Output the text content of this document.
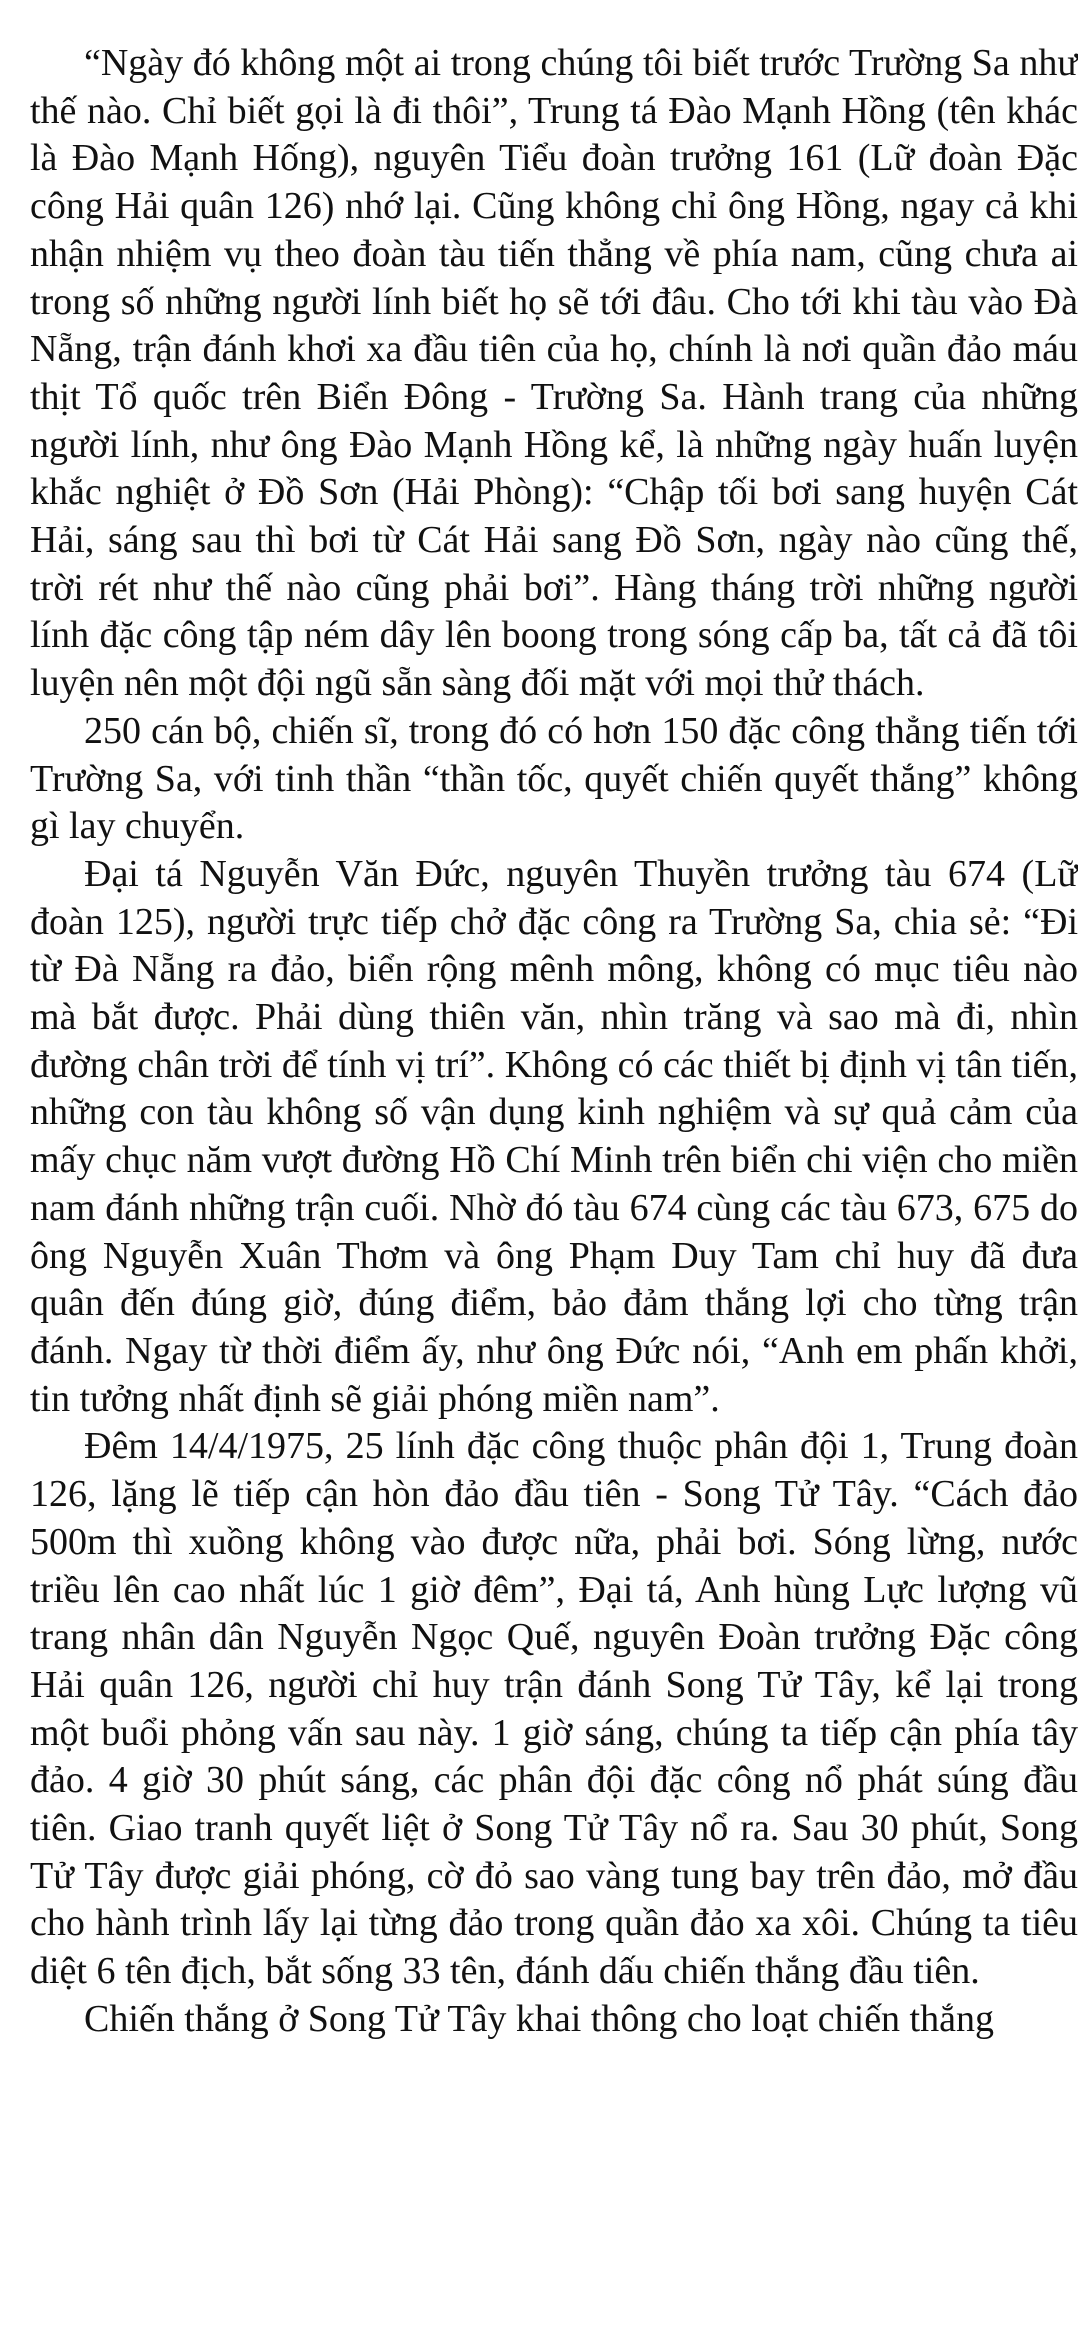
“Ngày đó không một ai trong chúng tôi biết trước Trường Sa như thế nào. Chỉ biết gọi là đi thôi”, Trung tá Đào Mạnh Hồng (tên khác là Đào Mạnh Hống), nguyên Tiểu đoàn trưởng 161 (Lữ đoàn Đặc công Hải quân 126) nhớ lại. Cũng không chỉ ông Hồng, ngay cả khi nhận nhiệm vụ theo đoàn tàu tiến thẳng về phía nam, cũng chưa ai trong số những người lính biết họ sẽ tới đâu. Cho tới khi tàu vào Đà Nẵng, trận đánh khơi xa đầu tiên của họ, chính là nơi quần đảo máu thịt Tổ quốc trên Biển Đông - Trường Sa. Hành trang của những người lính, như ông Đào Mạnh Hồng kể, là những ngày huấn luyện khắc nghiệt ở Đồ Sơn (Hải Phòng): “Chập tối bơi sang huyện Cát Hải, sáng sau thì bơi từ Cát Hải sang Đồ Sơn, ngày nào cũng thế, trời rét như thế nào cũng phải bơi”. Hàng tháng trời những người lính đặc công tập ném dây lên boong trong sóng cấp ba, tất cả đã tôi luyện nên một đội ngũ sẵn sàng đối mặt với mọi thử thách.

250 cán bộ, chiến sĩ, trong đó có hơn 150 đặc công thẳng tiến tới Trường Sa, với tinh thần “thần tốc, quyết chiến quyết thắng” không gì lay chuyển.

Đại tá Nguyễn Văn Đức, nguyên Thuyền trưởng tàu 674 (Lữ đoàn 125), người trực tiếp chở đặc công ra Trường Sa, chia sẻ: “Đi từ Đà Nẵng ra đảo, biển rộng mênh mông, không có mục tiêu nào mà bắt được. Phải dùng thiên văn, nhìn trăng và sao mà đi, nhìn đường chân trời để tính vị trí”. Không có các thiết bị định vị tân tiến, những con tàu không số vận dụng kinh nghiệm và sự quả cảm của mấy chục năm vượt đường Hồ Chí Minh trên biển chi viện cho miền nam đánh những trận cuối. Nhờ đó tàu 674 cùng các tàu 673, 675 do ông Nguyễn Xuân Thơm và ông Phạm Duy Tam chỉ huy đã đưa quân đến đúng giờ, đúng điểm, bảo đảm thắng lợi cho từng trận đánh. Ngay từ thời điểm ấy, như ông Đức nói, “Anh em phấn khởi, tin tưởng nhất định sẽ giải phóng miền nam”.

Đêm 14/4/1975, 25 lính đặc công thuộc phân đội 1, Trung đoàn 126, lặng lẽ tiếp cận hòn đảo đầu tiên - Song Tử Tây. “Cách đảo 500m thì xuồng không vào được nữa, phải bơi. Sóng lừng, nước triều lên cao nhất lúc 1 giờ đêm”, Đại tá, Anh hùng Lực lượng vũ trang nhân dân Nguyễn Ngọc Quế, nguyên Đoàn trưởng Đặc công Hải quân 126, người chỉ huy trận đánh Song Tử Tây, kể lại trong một buổi phỏng vấn sau này. 1 giờ sáng, chúng ta tiếp cận phía tây đảo. 4 giờ 30 phút sáng, các phân đội đặc công nổ phát súng đầu tiên. Giao tranh quyết liệt ở Song Tử Tây nổ ra. Sau 30 phút, Song Tử Tây được giải phóng, cờ đỏ sao vàng tung bay trên đảo, mở đầu cho hành trình lấy lại từng đảo trong quần đảo xa xôi. Chúng ta tiêu diệt 6 tên địch, bắt sống 33 tên, đánh dấu chiến thắng đầu tiên.

Chiến thắng ở Song Tử Tây khai thông cho loạt chiến thắng
